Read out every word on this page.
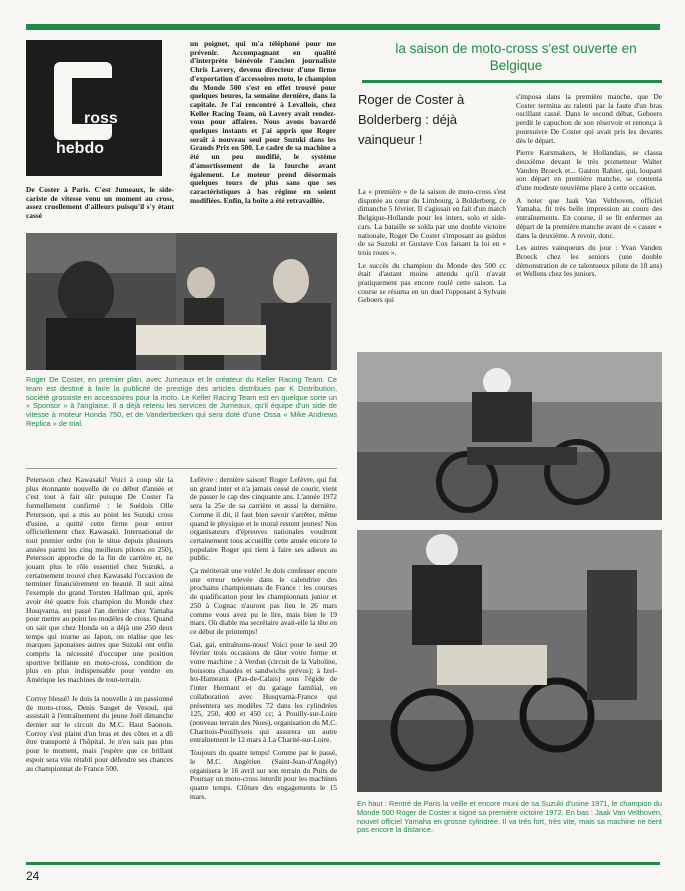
ross
hebdo
De Coster à Paris. C'est Jumeaux, le side-cariste de vitesse venu un moment au cross, assez cruellement d'ailleurs puisqu'il s'y étant cassé
un poignet, qui m'a téléphoné pour me prévenir. Accompagnant en qualité d'interprète bénévole l'ancien journaliste Chris Lavery, devenu directeur d'une firme d'exportation d'accessoires moto, le champion du Monde 500 s'est en effet trouvé pour quelques heures, la semaine dernière, dans la capitale. Je l'ai rencontré à Levallois, chez Keller Racing Team, où Lavery avait rendez-vous pour affaires. Nous avons bavardé quelques instants et j'ai appris que Roger serait à nouveau seul pour Suzuki dans les Grands Prix en 500. Le cadre de sa machine a été un peu modifié, le système d'amortissement de la fourche avant également. Le moteur prend désormais quelques tours de plus sans que ses caractéristiques à bas régime en soient modifiées. Enfin, la boîte a été retravaillée.
Roger De Coster, en premier plan, avec Jumeaux et le créateur du Keller Racing Team. Ce team est destiné à faire la publicité de prestige des articles distribués par K Distribution, société grossiste en accessoires pour la moto. Le Keller Racing Team est en quelque sorte un « Sponsor » à l'anglaise. Il a déjà retenu les services de Jumeaux, qu'il équipe d'un side de vitesse à moteur Honda 750, et de Vanderbecken qui sera doté d'une Ossa « Mike Andrews Replica » de trial.

Petersson chez Kawasaki! Voici à coup sûr la plus étonnante nouvelle de ce début d'année et c'est tout à fait sûr puisque De Coster l'a formellement confirmé : le Suédois Olle Petersson, qui a mis au point les Suzuki cross d'usine, a quitté cette firme pour entrer officiellement chez Kawasaki. International de tout premier ordre (on le situe depuis plusieurs années parmi les cinq meilleurs pilotes en 250), Petersson approche de la fin de carrière et, ne jouant plus le rôle essentiel chez Suzuki, a certainement trouvé chez Kawasaki l'occasion de terminer financièrement en beauté. Il suit ainsi l'exemple du grand Torsten Hallman qui, après avoir été quatre fois champion du Monde chez Husqvarna, est passé l'an dernier chez Yamaha pour mettre au point les modèles de cross. Quand on sait que chez Honda on a déjà une 250 deux temps qui tourne au Japon, on réalise que les marques japonaises autres que Suzuki ont enfin compris la nécessité d'occuper une position sportive brillante en moto-cross, condition de plus en plus indispensable pour vendre en Amérique les machines de tout-terrain.

Corroy blessé! Je dois la nouvelle à un passionné de moto-cross, Denis Sauget de Vesoul, qui assistait à l'entraînement du jeune Joël dimanche dernier sur le circuit du M.C. Haut Saonois. Corroy s'est plaint d'un bras et des côtes et a dû être transporté à l'hôpital. Je n'en sais pas plus pour le moment, mais j'espère que ce brillant espoir sera vite rétabli pour défendre ses chances au championnat de France 500.

Lefèvre : dernière saison! Roger Lefèvre, qui fut un grand inter et n'a jamais cessé de courir, vient de passer le cap des cinquante ans. L'année 1972 sera la 25e de sa carrière et aussi la dernière. Comme il dit, il faut bien savoir s'arrêter, même quand le physique et le moral restent jeunes! Nos organisateurs d'épreuves nationales voudront certainement tous accueillir cette année encore le populaire Roger qui tient à faire ses adieux au public.

Ça mériterait une volée! Je dois confesser encore une erreur relevée dans le calendrier des prochains championnats de France : les courses de qualification pour les championnats junior et 250 à Cognac n'auront pas lieu le 26 mars comme vous avez pu le lire, mais bien le 19 mars. Où diable ma secrétaire avait-elle la tête en ce début de printemps!

Gai, gai, entraînons-nous! Voici pour le seul 20 février trois occasions de tâter votre forme et votre machine : à Verdun (circuit de la Valtoline, boissons chaudes et sandwichs prévus); à Izel-les-Hameaux (Pas-de-Calais) sous l'égide de l'inter Hermant et du garage familial, en collaboration avec Husqvarna-France qui présentera ses modèles 72 dans les cylindrées 125, 250, 400 et 450 cc; à Pouilly-sur-Loire (nouveau terrain des Nues), organisation du M.C. Charitois-Pouillysois qui assurera un autre entraînement le 12 mars à La Charité-sur-Loire.

Toujours du quatre temps! Comme par le passé, le M.C. Angérien (Saint-Jean-d'Angély) organisera le 16 avril sur son terrain du Puits de Poursay un moto-cross interdit pour les machines quatre temps. Clôture des engagements le 15 mars.

la saison de moto-cross s'est ouverte en Belgique
Roger de Coster à Bolderberg : déjà vainqueur !

La « première » de la saison de moto-cross s'est disputée au cœur du Limbourg, à Bolderberg, ce dimanche 5 février. Il s'agissait en fait d'un match Belgique-Hollande pour les inters, solo et side-cars. La bataille se solda par une double victoire nationale, Roger De Coster s'imposant au guidon de sa Suzuki et Gustave Cox faisant la loi en « trois roues ».

Le succès du champion du Monde des 500 cc était d'autant moins attendu qu'il n'avait pratiquement pas encore roulé cette saison. La course se résuma en un duel l'opposant à Sylvain Geboers qui

s'imposa dans la première manche, que De Coster termina au ralenti par la faute d'un bras oscillant cassé. Dans le second débat, Geboers perdit le capuchon de son réservoir et renonça à poursuivre De Coster qui avait pris les devants dès le départ.

Pierre Karsmakers, le Hollandais, se classa deuxième devant le très prometteur Walter Vanden Broeck et... Gaston Rahier, qui, loupant son départ en première manche, se contenta d'une modeste neuvième place à cette occasion.

A noter que Jaak Van Velthoven, officiel Yamaha, fit très belle impression au cours des entraînements. En course, il se fit enfermer au départ de la première manche avant de « casser » dans la deuxième. A revoir, donc.

Les autres vainqueurs du jour : Yvan Vanden Broeck chez les seniors (une double démonstration de ce talentueux pilote de 18 ans) et Wellens chez les juniors.

En haut : Rentré de Paris la veille et encore muni de sa Suzuki d'usine 1971, le champion du Monde 500 Roger de Coster a signé sa première victoire 1972. En bas : Jaak Van Velthoven, nouvel officiel Yamaha en grosse cylindrée. Il va très fort, très vite, mais sa machine ne tient pas encore la distance.
24
